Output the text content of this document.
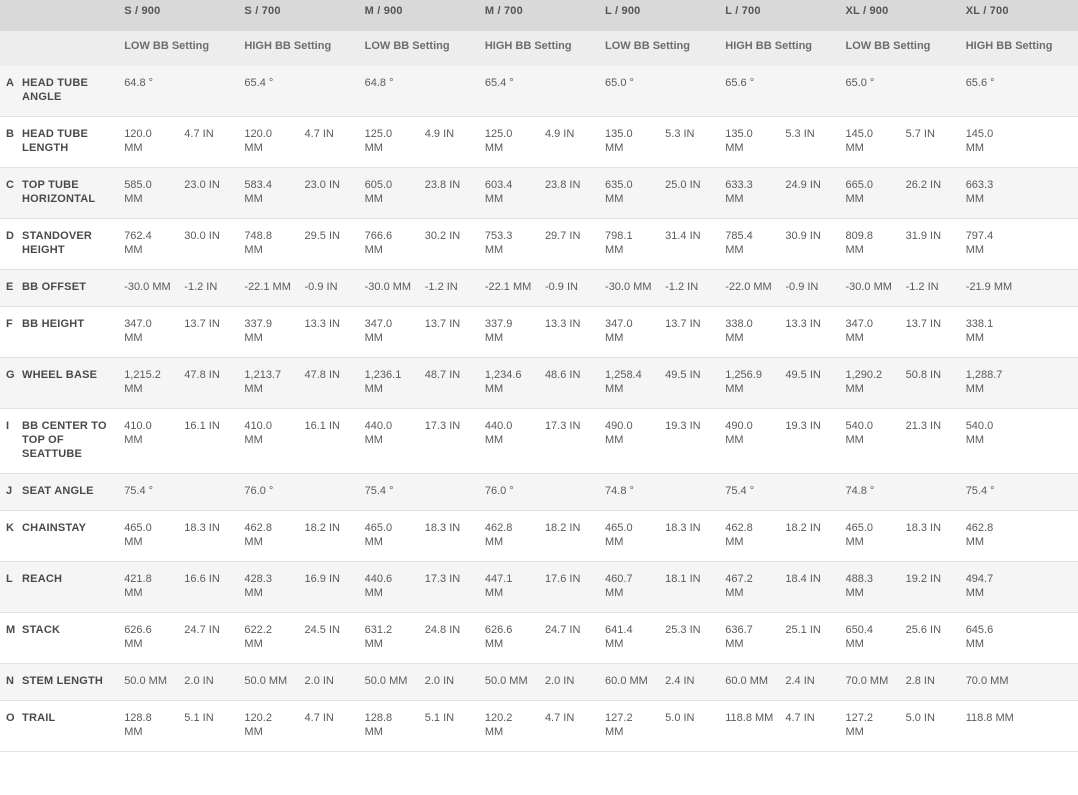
		S / 900		S / 700		M / 900		M / 700		L / 900		L / 700		XL / 900		XL / 700	
		LOW BB Setting		HIGH BB Setting		LOW BB Setting		HIGH BB Setting		LOW BB Setting		HIGH BB Setting		LOW BB Setting		HIGH BB Setting	
A	HEAD TUBE ANGLE	64.8 °		65.4 °		64.8 °		65.4 °		65.0 °		65.6 °		65.0 °		65.6 °	
B	HEAD TUBE LENGTH	120.0 MM	4.7 IN	120.0 MM	4.7 IN	125.0 MM	4.9 IN	125.0 MM	4.9 IN	135.0 MM	5.3 IN	135.0 MM	5.3 IN	145.0 MM	5.7 IN	145.0 MM	
C	TOP TUBE HORIZONTAL	585.0 MM	23.0 IN	583.4 MM	23.0 IN	605.0 MM	23.8 IN	603.4 MM	23.8 IN	635.0 MM	25.0 IN	633.3 MM	24.9 IN	665.0 MM	26.2 IN	663.3 MM	
D	STANDOVER HEIGHT	762.4 MM	30.0 IN	748.8 MM	29.5 IN	766.6 MM	30.2 IN	753.3 MM	29.7 IN	798.1 MM	31.4 IN	785.4 MM	30.9 IN	809.8 MM	31.9 IN	797.4 MM	
E	BB OFFSET	-30.0 MM	-1.2 IN	-22.1 MM	-0.9 IN	-30.0 MM	-1.2 IN	-22.1 MM	-0.9 IN	-30.0 MM	-1.2 IN	-22.0 MM	-0.9 IN	-30.0 MM	-1.2 IN	-21.9 MM	
F	BB HEIGHT	347.0 MM	13.7 IN	337.9 MM	13.3 IN	347.0 MM	13.7 IN	337.9 MM	13.3 IN	347.0 MM	13.7 IN	338.0 MM	13.3 IN	347.0 MM	13.7 IN	338.1 MM	
G	WHEEL BASE	1,215.2 MM	47.8 IN	1,213.7 MM	47.8 IN	1,236.1 MM	48.7 IN	1,234.6 MM	48.6 IN	1,258.4 MM	49.5 IN	1,256.9 MM	49.5 IN	1,290.2 MM	50.8 IN	1,288.7 MM	
I	BB CENTER TO TOP OF SEATTUBE	410.0 MM	16.1 IN	410.0 MM	16.1 IN	440.0 MM	17.3 IN	440.0 MM	17.3 IN	490.0 MM	19.3 IN	490.0 MM	19.3 IN	540.0 MM	21.3 IN	540.0 MM	
J	SEAT ANGLE	75.4 °		76.0 °		75.4 °		76.0 °		74.8 °		75.4 °		74.8 °		75.4 °	
K	CHAINSTAY	465.0 MM	18.3 IN	462.8 MM	18.2 IN	465.0 MM	18.3 IN	462.8 MM	18.2 IN	465.0 MM	18.3 IN	462.8 MM	18.2 IN	465.0 MM	18.3 IN	462.8 MM	
L	REACH	421.8 MM	16.6 IN	428.3 MM	16.9 IN	440.6 MM	17.3 IN	447.1 MM	17.6 IN	460.7 MM	18.1 IN	467.2 MM	18.4 IN	488.3 MM	19.2 IN	494.7 MM	
M	STACK	626.6 MM	24.7 IN	622.2 MM	24.5 IN	631.2 MM	24.8 IN	626.6 MM	24.7 IN	641.4 MM	25.3 IN	636.7 MM	25.1 IN	650.4 MM	25.6 IN	645.6 MM	
N	STEM LENGTH	50.0 MM	2.0 IN	50.0 MM	2.0 IN	50.0 MM	2.0 IN	50.0 MM	2.0 IN	60.0 MM	2.4 IN	60.0 MM	2.4 IN	70.0 MM	2.8 IN	70.0 MM	
O	TRAIL	128.8 MM	5.1 IN	120.2 MM	4.7 IN	128.8 MM	5.1 IN	120.2 MM	4.7 IN	127.2 MM	5.0 IN	118.8 MM	4.7 IN	127.2 MM	5.0 IN	118.8 MM	
